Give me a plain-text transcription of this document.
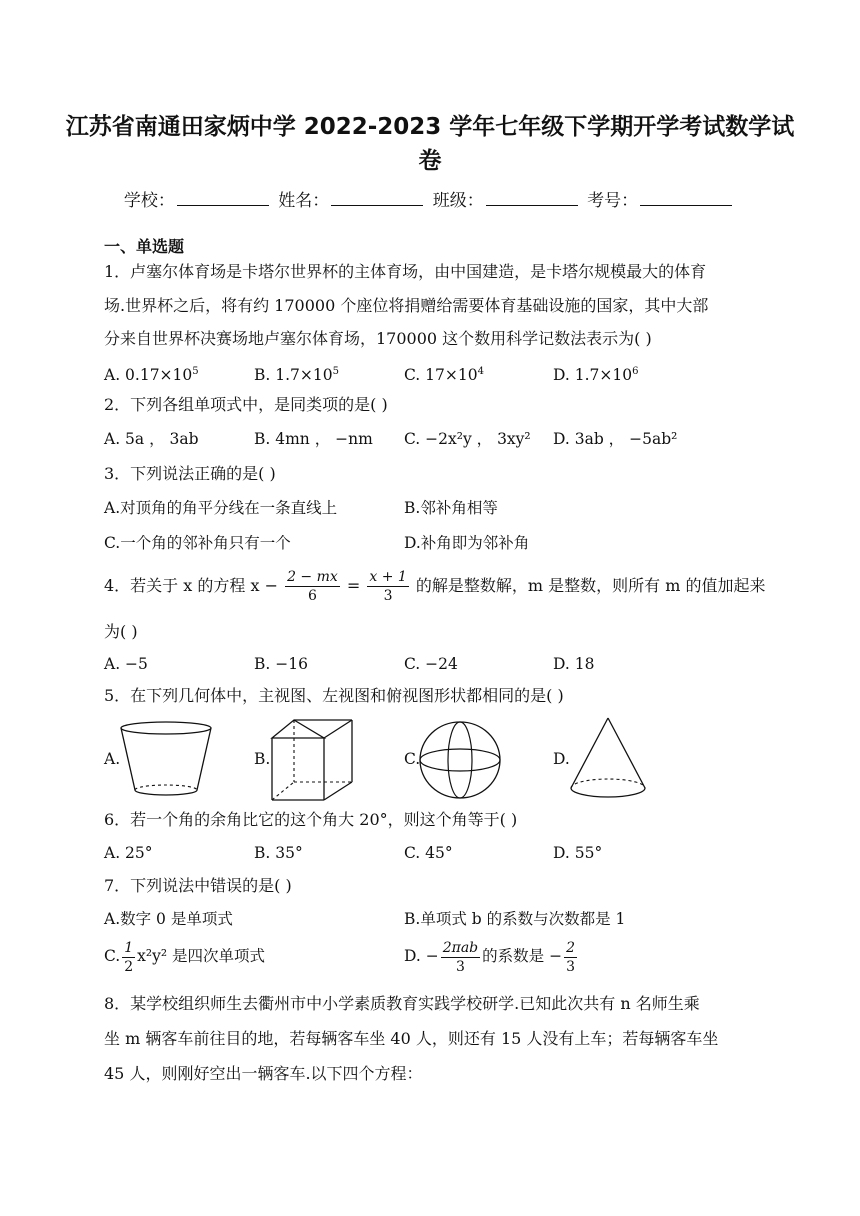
江苏省南通田家炳中学 2022-2023 学年七年级下学期开学考试数学试
卷
学校：	姓名：	班级：	考号：
一、单选题
1．卢塞尔体育场是卡塔尔世界杯的主体育场，由中国建造，是卡塔尔规模最大的体育
场.世界杯之后，将有约 170000 个座位将捐赠给需要体育基础设施的国家，其中大部
分来自世界杯决赛场地卢塞尔体育场，170000 这个数用科学记数法表示为( )
A. $0.17\times 10^5$	B. $1.7\times 10^5$	C. $17\times 10^4$	D. $1.7\times 10^6$
2．下列各组单项式中，是同类项的是( )
A. 5a ， 3ab	B. 4mn ， −nm C. −2x²y ， 3xy² D. 3ab ， −5ab²
3．下列说法正确的是( )
A.对顶角的角平分线在一条直线上	B.邻补角相等
C.一个角的邻补角只有一个	D.补角即为邻补角
4．若关于 x 的方程 $x - \frac{2 - mx}{6} = \frac{x + 1}{3}$ 的解是整数解，m 是整数，则所有 m 的值加起来
为( )
A. −5	B. −16	C. −24	D. 18
5．在下列几何体中，主视图、左视图和俯视图形状都相同的是( )
A.	B.	C.	D.
6．若一个角的余角比它的这个角大 20°，则这个角等于( )
A. 25°	B. 35°	C. 45°	D. 55°
7．下列说法中错误的是( )
A.数字 0 是单项式	B.单项式 b 的系数与次数都是 1
C. $\frac{1}{2} x^2y^2$ 是四次单项式	D. − $\frac{\text{2πab}}{3}$ 的系数是 − $\frac{2}{3}$
8．某学校组织师生去衢州市中小学素质教育实践学校研学.已知此次共有 n 名师生乘
坐 m 辆客车前往目的地，若每辆客车坐 40 人，则还有 15 人没有上车；若每辆客车坐
45 人，则刚好空出一辆客车.以下四个方程：
